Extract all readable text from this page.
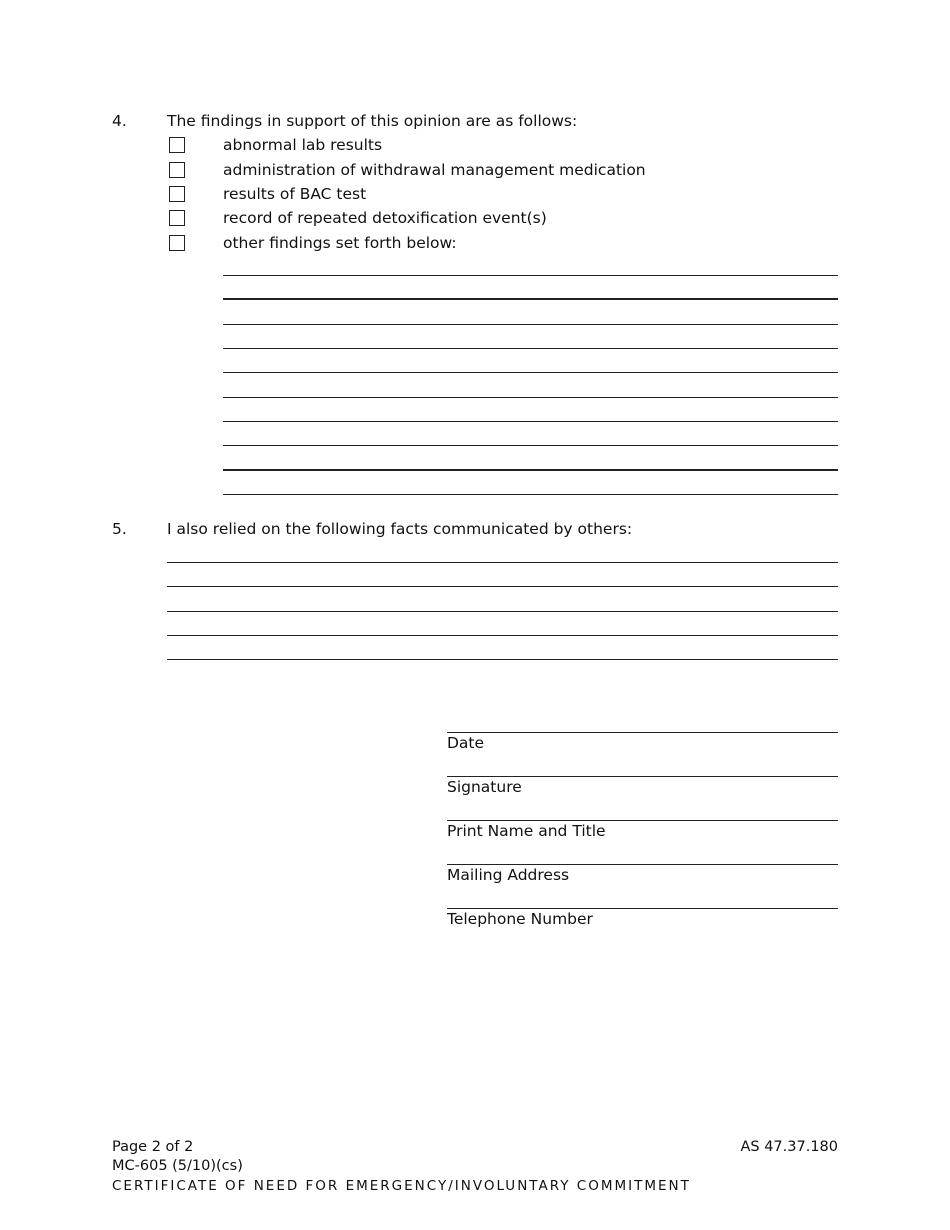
4.	The findings in support of this opinion are as follows:
abnormal lab results
administration of withdrawal management medication
results of BAC test
record of repeated detoxification event(s)
other findings set forth below:
5.	I also relied on the following facts communicated by others:
Date
Signature
Print Name and Title
Mailing Address
Telephone Number
Page 2 of 2
MC-605 (5/10)(cs)
CERTIFICATE OF NEED FOR EMERGENCY/INVOLUNTARY COMMITMENT
AS 47.37.180
